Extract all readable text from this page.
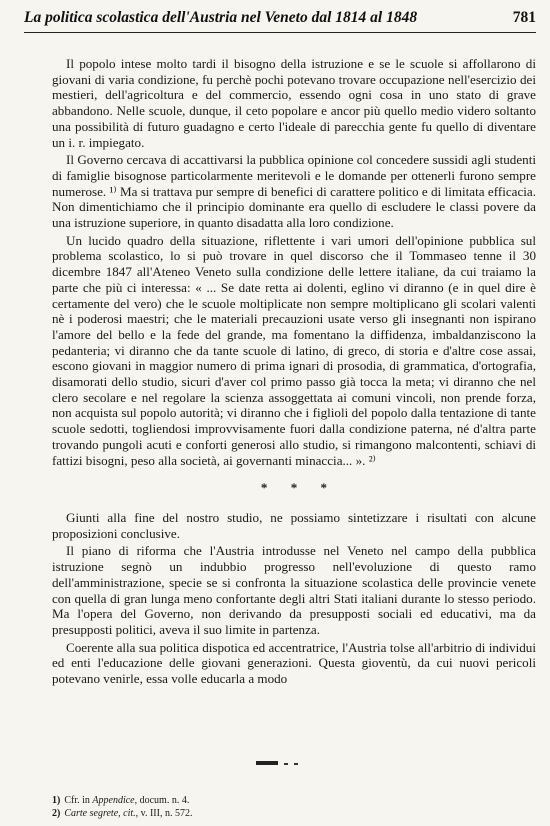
La politica scolastica dell'Austria nel Veneto dal 1814 al 1848	781

Il popolo intese molto tardi il bisogno della istruzione e se le scuole si affollarono di giovani di varia condizione, fu perchè pochi potevano trovare occupazione nell'esercizio dei mestieri, dell'agricoltura e del commercio, essendo ogni cosa in uno stato di grave abbandono. Nelle scuole, dunque, il ceto popolare e ancor più quello medio videro soltanto una possibilità di futuro guadagno e certo l'ideale di parecchia gente fu quello di diventare un i. r. impiegato.

Il Governo cercava di accattivarsi la pubblica opinione col concedere sussidi agli studenti di famiglie bisognose particolarmente meritevoli e le domande per ottenerli furono sempre numerose. ¹⁾ Ma si trattava pur sempre di benefici di carattere politico e di limitata efficacia. Non dimentichiamo che il principio dominante era quello di escludere le classi povere da una istruzione superiore, in quanto disadatta alla loro condizione.

Un lucido quadro della situazione, riflettente i vari umori dell'opinione pubblica sul problema scolastico, lo si può trovare in quel discorso che il Tommaseo tenne il 30 dicembre 1847 all'Ateneo Veneto sulla condizione delle lettere italiane, da cui traiamo la parte che più ci interessa: « ... Se date retta ai dolenti, eglino vi diranno (e in quel dire è certamente del vero) che le scuole moltiplicate non sempre moltiplicano gli scolari valenti nè i poderosi maestri; che le materiali precauzioni usate verso gli insegnanti non ispirano l'amore del bello e la fede del grande, ma fomentano la diffidenza, imbaldanziscono la pedanteria; vi diranno che da tante scuole di latino, di greco, di storia e d'altre cose assai, escono giovani in maggior numero di prima ignari di prosodia, di grammatica, d'ortografia, disamorati dello studio, sicuri d'aver col primo passo già tocca la meta; vi diranno che nel clero secolare e nel regolare la scienza assoggettata ai comuni vincoli, non prende forza, non acquista sul popolo autorità; vi diranno che i figlioli del popolo dalla tentazione di tante scuole sedotti, togliendosi improvvisamente fuori dalla condizione paterna, né d'altra parte trovando pungoli acuti e conforti generosi allo studio, si rimangono malcontenti, schiavi di fattizi bisogni, peso alla società, ai governanti minaccia... ». ²⁾

* * *

Giunti alla fine del nostro studio, ne possiamo sintetizzare i risultati con alcune proposizioni conclusive.

Il piano di riforma che l'Austria introdusse nel Veneto nel campo della pubblica istruzione segnò un indubbio progresso nell'evoluzione di questo ramo dell'amministrazione, specie se si confronta la situazione scolastica delle provincie venete con quella di gran lunga meno confortante degli altri Stati italiani durante lo stesso periodo. Ma l'opera del Governo, non derivando da presupposti sociali ed educativi, ma da presupposti politici, aveva il suo limite in partenza.

Coerente alla sua politica dispotica ed accentratrice, l'Austria tolse all'arbitrio di individui ed enti l'educazione delle giovani generazioni. Questa gioventù, da cui nuovi pericoli potevano venirle, essa volle educarla a modo

1) Cfr. in Appendice, docum. n. 4.
2) Carte segrete, cit., v. III, n. 572.
